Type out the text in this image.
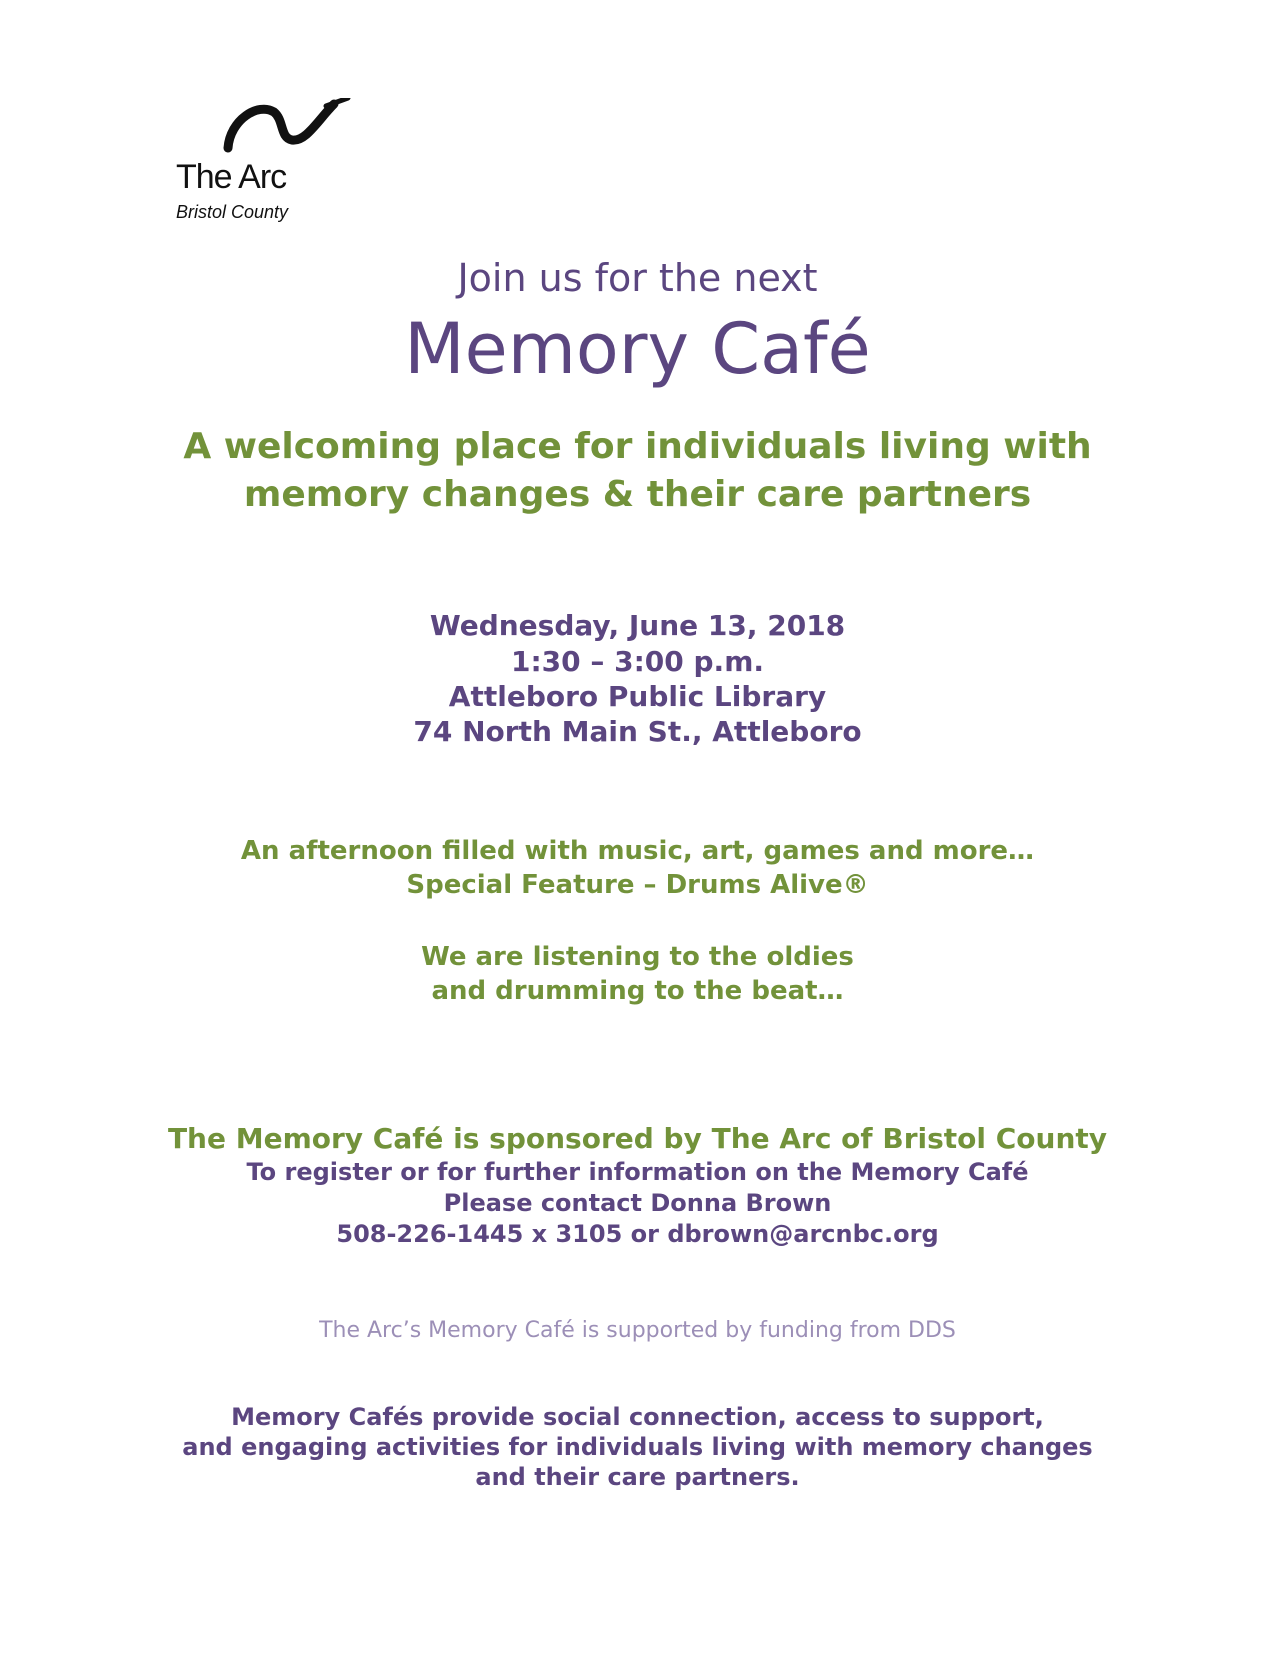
The Arc
Bristol County
Join us for the next
Memory Café
A welcoming place for individuals living with
memory changes & their care partners
Wednesday, June 13, 2018
1:30 – 3:00 p.m.
Attleboro Public Library
74 North Main St., Attleboro
An afternoon filled with music, art, games and more…
Special Feature – Drums Alive®
We are listening to the oldies
and drumming to the beat…
The Memory Café is sponsored by The Arc of Bristol County
To register or for further information on the Memory Café
Please contact Donna Brown
508-226-1445 x 3105 or dbrown@arcnbc.org
The Arc’s Memory Café is supported by funding from DDS
Memory Cafés provide social connection, access to support,
and engaging activities for individuals living with memory changes
and their care partners.
